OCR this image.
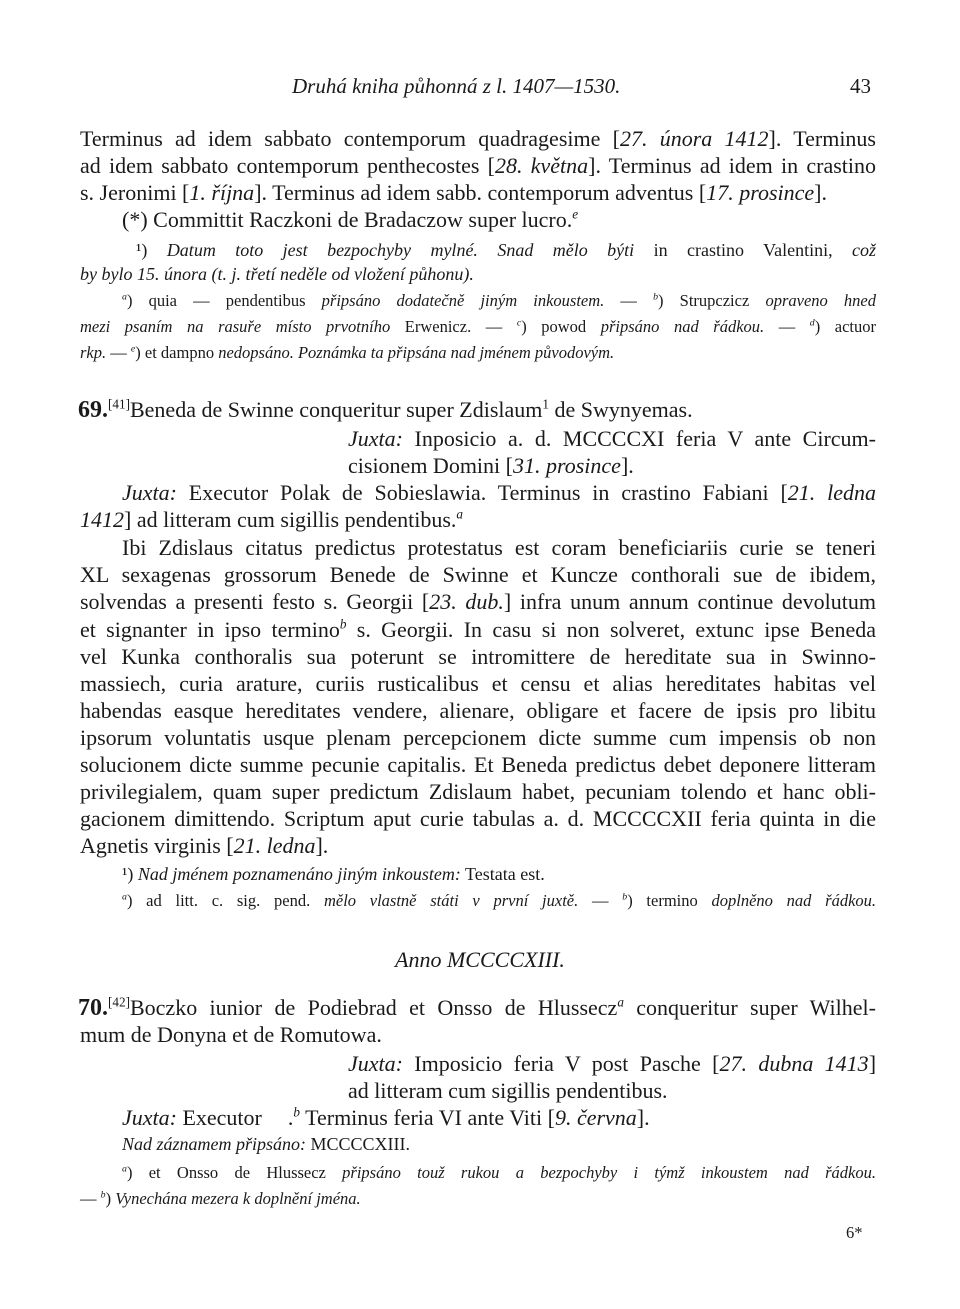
Druhá kniha půhonná z l. 1407—1530.	43
Terminus ad idem sabbato contemporum quadragesime [27. února 1412]. Terminus
ad idem sabbato contemporum penthecostes [28. května]. Terminus ad idem in crastino
s. Jeronimi [1. října]. Terminus ad idem sabb. contemporum adventus [17. prosince].
(*) Committit Raczkoni de Bradaczow super lucro.$^e$
¹) Datum toto jest bezpochyby mylné. Snad mělo býti in crastino Valentini, což
by bylo 15. února (t. j. třetí neděle od vložení půhonu).
$^a$) quia — pendentibus připsáno dodatečně jiným inkoustem. — $^b$) Strupczicz opraveno hned
mezi psaním na rasuře místo prvotního Erwenicz. — $^c$) powod připsáno nad řádkou. — $^d$) actuor
rkp. — $^e$) et dampno nedopsáno. Poznámka ta připsána nad jménem původovým.
69.[41]Beneda de Swinne conqueritur super Zdislaum$^1$ de Swynyemas.
Juxta: Inposicio a. d. MCCCCXI feria V ante Circum-
cisionem Domini [31. prosince].
Juxta: Executor Polak de Sobieslawia. Terminus in crastino Fabiani [21. ledna
1412] ad litteram cum sigillis pendentibus.$^a$
Ibi Zdislaus citatus predictus protestatus est coram beneficiariis curie se teneri
XL sexagenas grossorum Benede de Swinne et Kuncze conthorali sue de ibidem,
solvendas a presenti festo s. Georgii [23. dub.] infra unum annum continue devolutum
et signanter in ipso termino$^b$ s. Georgii. In casu si non solveret, extunc ipse Beneda
vel Kunka conthoralis sua poterunt se intromittere de hereditate sua in Swinno-
massiech, curia arature, curiis rusticalibus et censu et alias hereditates habitas vel
habendas easque hereditates vendere, alienare, obligare et facere de ipsis pro libitu
ipsorum voluntatis usque plenam percepcionem dicte summe cum impensis ob non
solucionem dicte summe pecunie capitalis. Et Beneda predictus debet deponere litteram
privilegialem, quam super predictum Zdislaum habet, pecuniam tolendo et hanc obli-
gacionem dimittendo. Scriptum aput curie tabulas a. d. MCCCCXII feria quinta in die
Agnetis virginis [21. ledna].
¹) Nad jménem poznamenáno jiným inkoustem: Testata est.
$^a$) ad litt. c. sig. pend. mělo vlastně státi v první juxtě. — $^b$) termino doplněno nad řádkou.
Anno MCCCCXIII.
70.[42]Boczko iunior de Podiebrad et Onsso de Hlussecz$^a$ conqueritur super Wilhel-
mum de Donyna et de Romutowa.
Juxta: Imposicio feria V post Pasche [27. dubna 1413]
ad litteram cum sigillis pendentibus.
Juxta: Executor .$^b$ Terminus feria VI ante Viti [9. června].
Nad záznamem připsáno: MCCCCXIII.
$^a$) et Onsso de Hlussecz připsáno touž rukou a bezpochyby i týmž inkoustem nad řádkou.
— $^b$) Vynechána mezera k doplnění jména.
6*
